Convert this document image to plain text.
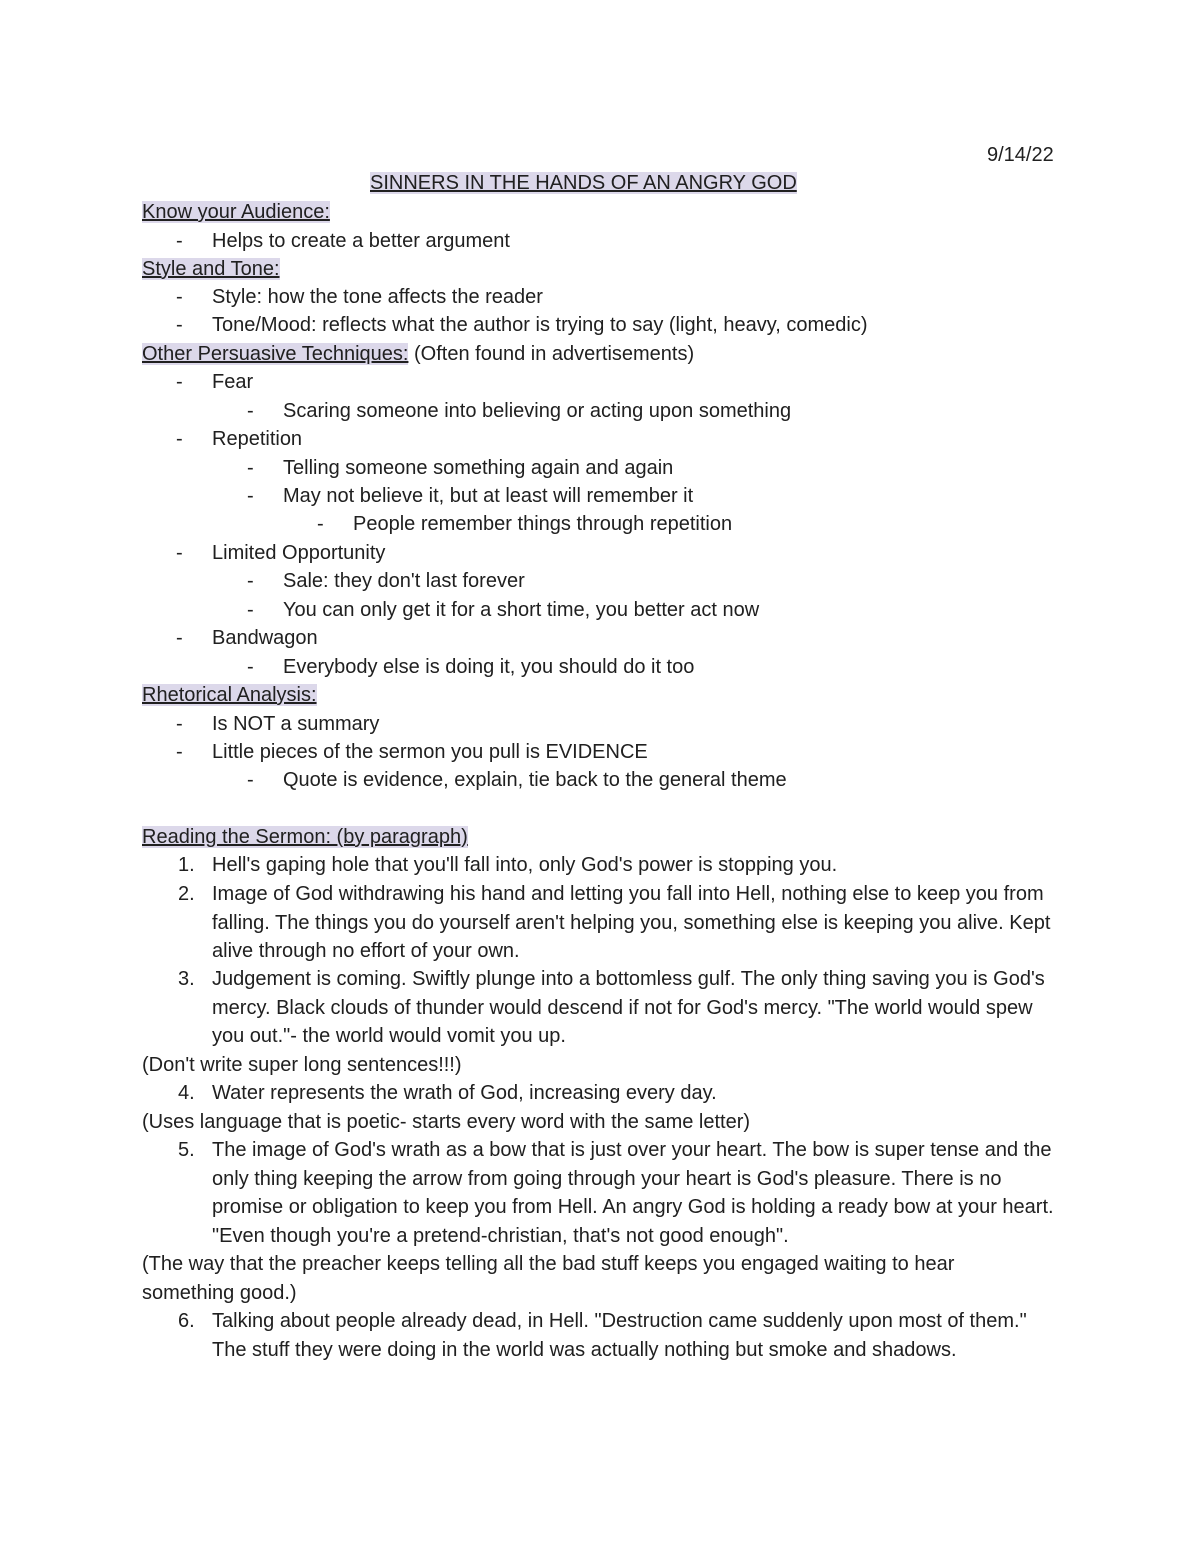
9/14/22
SINNERS IN THE HANDS OF AN ANGRY GOD
Know your Audience:
- Helps to create a better argument
Style and Tone:
- Style: how the tone affects the reader
- Tone/Mood: reflects what the author is trying to say (light, heavy, comedic)
Other Persuasive Techniques: (Often found in advertisements)
- Fear
- Scaring someone into believing or acting upon something
- Repetition
- Telling someone something again and again
- May not believe it, but at least will remember it
- People remember things through repetition
- Limited Opportunity
- Sale: they don't last forever
- You can only get it for a short time, you better act now
- Bandwagon
- Everybody else is doing it, you should do it too
Rhetorical Analysis:
- Is NOT a summary
- Little pieces of the sermon you pull is EVIDENCE
- Quote is evidence, explain, tie back to the general theme
Reading the Sermon: (by paragraph)
1. Hell's gaping hole that you'll fall into, only God's power is stopping you.
2. Image of God withdrawing his hand and letting you fall into Hell, nothing else to keep you from falling. The things you do yourself aren't helping you, something else is keeping you alive. Kept alive through no effort of your own.
3. Judgement is coming. Swiftly plunge into a bottomless gulf. The only thing saving you is God's mercy. Black clouds of thunder would descend if not for God's mercy. "The world would spew you out."- the world would vomit you up.
(Don't write super long sentences!!!)
4. Water represents the wrath of God, increasing every day.
(Uses language that is poetic- starts every word with the same letter)
5. The image of God's wrath as a bow that is just over your heart. The bow is super tense and the only thing keeping the arrow from going through your heart is God's pleasure. There is no promise or obligation to keep you from Hell. An angry God is holding a ready bow at your heart. "Even though you're a pretend-christian, that's not good enough".
(The way that the preacher keeps telling all the bad stuff keeps you engaged waiting to hear something good.)
6. Talking about people already dead, in Hell. "Destruction came suddenly upon most of them." The stuff they were doing in the world was actually nothing but smoke and shadows.
